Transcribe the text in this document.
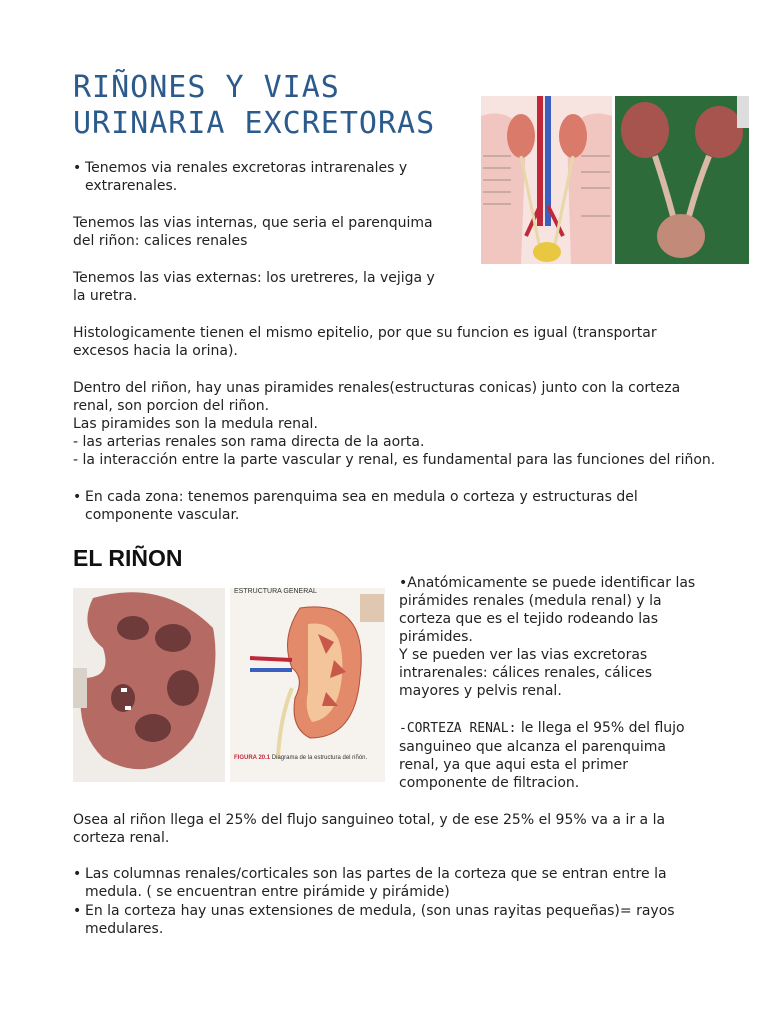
RIÑONES Y VIAS
URINARIA EXCRETORAS
• Tenemos via renales excretoras intrarenales y extrarenales.

Tenemos las vias internas, que seria el parenquima del riñon: calices renales

Tenemos las vias externas: los uretreres, la vejiga y la uretra.

Histologicamente tienen el mismo epitelio, por que su funcion es igual (transportar excesos hacia la orina).

Dentro del riñon, hay unas piramides renales(estructuras conicas) junto con la corteza renal, son porcion del riñon.

Las piramides son la medula renal.

- las arterias renales son rama directa de la aorta.

- la interacción entre la parte vascular y renal, es fundamental para las funciones del riñon.

• En cada zona: tenemos parenquima sea en medula o corteza y estructuras del componente vascular.
EL RIÑON
ESTRUCTURA GENERAL
FIGURA 20.1 Diagrama de la estructura del riñón.

•Anatómicamente se puede identificar las pirámides renales (medula renal) y la corteza que es el tejido rodeando las pirámides.

Y se pueden ver las vias excretoras intrarenales: cálices renales, cálices mayores y pelvis renal.

-CORTEZA RENAL: le llega el 95% del flujo sanguineo que alcanza el parenquima renal, ya que aqui esta el primer componente de filtracion.

Osea al riñon llega el 25% del flujo sanguineo total, y de ese 25% el 95% va a ir a la corteza renal.

• Las columnas renales/corticales son las partes de la corteza que se entran entre la medula. ( se encuentran entre pirámide y pirámide)
• En la corteza hay unas extensiones de medula, (son unas rayitas pequeñas)= rayos medulares.
